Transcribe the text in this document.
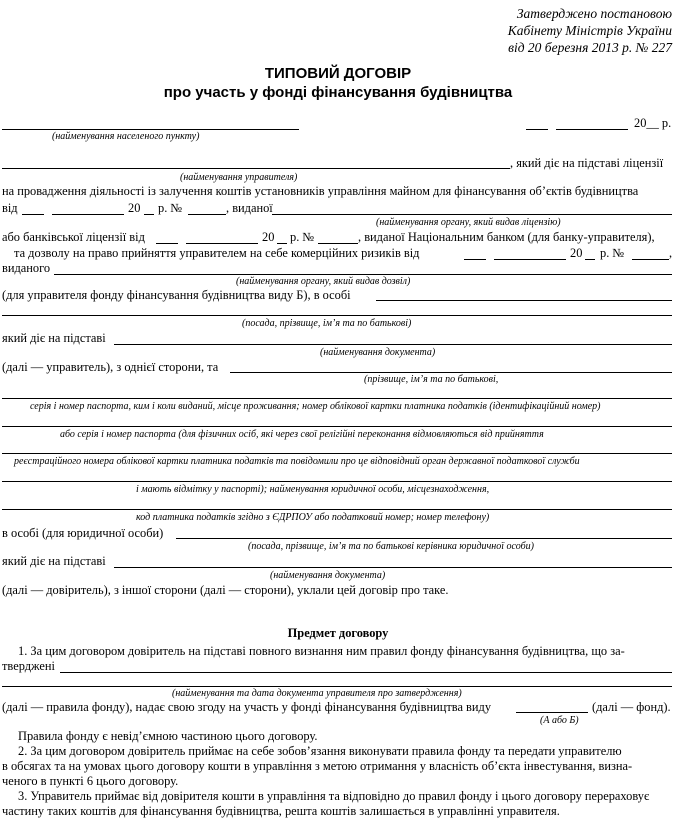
Затверджено постановою
Кабінету Міністрів України
від 20 березня 2013 р. № 227
ТИПОВИЙ ДОГОВІР
про участь у фонді фінансування будівництва
(найменування населеного пункту)
20__ р.
, який діє на підставі ліцензії
(найменування управителя)
на провадження діяльності із залучення коштів установників управління майном для фінансування об’єктів будівництва
від	20 р. №	, виданої
(найменування органу, який видав ліцензію)
або банківської ліцензії від	20 р. №	, виданої Національним банком (для банку-управителя),
та дозволу на право прийняття управителем на себе комерційних ризиків від	20 р. №	,
виданого
(найменування органу, який видав дозвіл)
(для управителя фонду фінансування будівництва виду Б), в особі
(посада, прізвище, ім’я та по батькові)
який діє на підставі
(найменування документа)
(далі — управитель), з однієї сторони, та
(прізвище, ім’я та по батькові,
серія і номер паспорта, ким і коли виданий, місце проживання; номер облікової картки платника податків (ідентифікаційний номер)
або серія і номер паспорта (для фізичних осіб, які через свої релігійні переконання відмовляються від прийняття
реєстраційного номера облікової картки платника податків та повідомили про це відповідний орган державної податкової служби
і мають відмітку у паспорті); найменування юридичної особи, місцезнаходження,
код платника податків згідно з ЄДРПОУ або податковий номер; номер телефону)
в особі (для юридичної особи)
(посада, прізвище, ім’я та по батькові керівника юридичної особи)
який діє на підставі
(найменування документа)
(далі — довіритель), з іншої сторони (далі — сторони), уклали цей договір про таке.
Предмет договору
1. За цим договором довіритель на підставі повного визнання ним правил фонду фінансування будівництва, що за-
тверджені
(найменування та дата документа управителя про затвердження)
(далі — правила фонду), надає свою згоду на участь у фонді фінансування будівництва виду	(далі — фонд).
(А або Б)
Правила фонду є невід’ємною частиною цього договору.
2. За цим договором довіритель приймає на себе зобов’язання виконувати правила фонду та передати управителю
в обсягах та на умовах цього договору кошти в управління з метою отримання у власність об’єкта інвестування, визна-
ченого в пункті 6 цього договору.
3. Управитель приймає від довірителя кошти в управління та відповідно до правил фонду і цього договору перераховує
частину таких коштів для фінансування будівництва, решта коштів залишається в управлінні управителя.
